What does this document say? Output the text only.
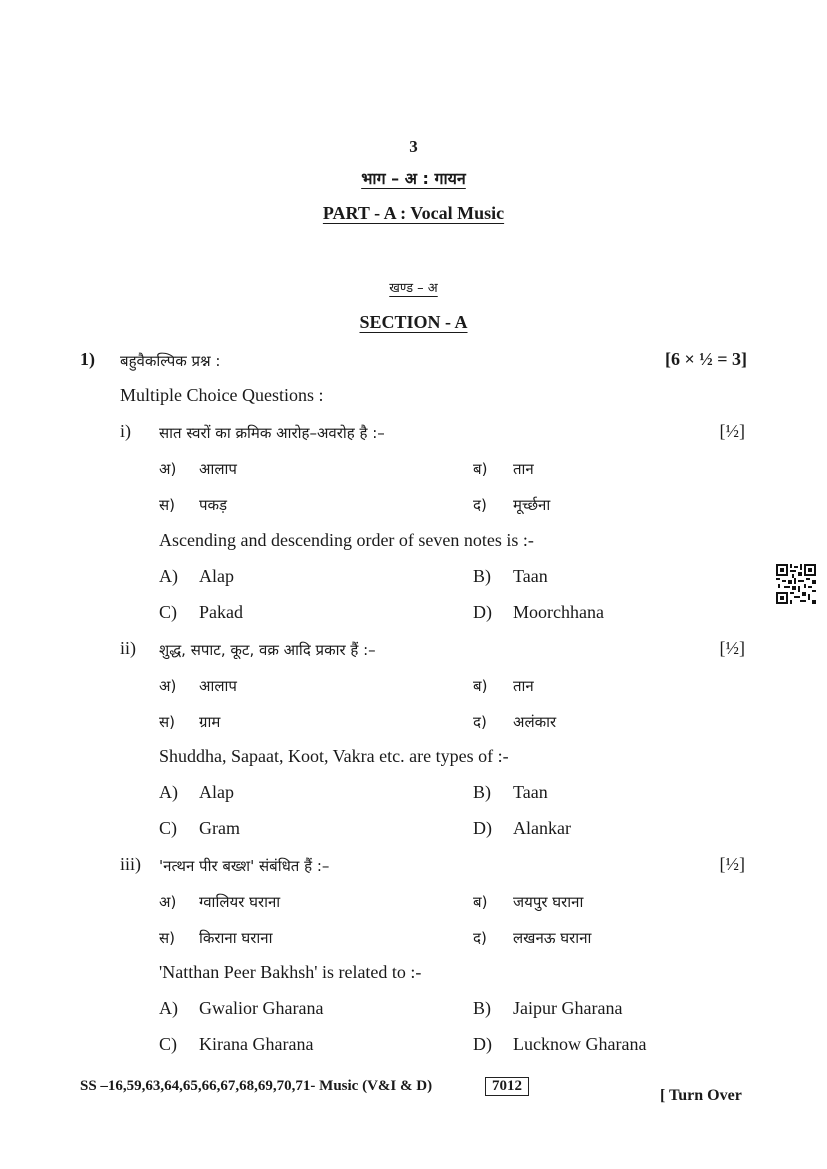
3
भाग – अ : गायन
PART - A : Vocal Music
खण्ड – अ
SECTION - A
1) बहुवैकल्पिक प्रश्न :	[6 × ½ = 3]
Multiple Choice Questions :
i) सात स्वरों का क्रमिक आरोह–अवरोह है :–	[½]
अ) आलाप	ब) तान
स) पकड़	द) मूर्च्छना
Ascending and descending order of seven notes is :-
A) Alap	B) Taan
C) Pakad	D) Moorchhana
ii) शुद्ध, सपाट, कूट, वक्र आदि प्रकार हैं :–	[½]
अ) आलाप	ब) तान
स) ग्राम	द) अलंकार
Shuddha, Sapaat, Koot, Vakra etc. are types of :-
A) Alap	B) Taan
C) Gram	D) Alankar
iii) 'नत्थन पीर बख्श' संबंधित हैं :–	[½]
अ) ग्वालियर घराना	ब) जयपुर घराना
स) किराना घराना	द) लखनऊ घराना
'Natthan Peer Bakhsh' is related to :-
A) Gwalior Gharana	B) Jaipur Gharana
C) Kirana Gharana	D) Lucknow Gharana
SS –16,59,63,64,65,66,67,68,69,70,71- Music (V&I & D)	7012
[ Turn Over
